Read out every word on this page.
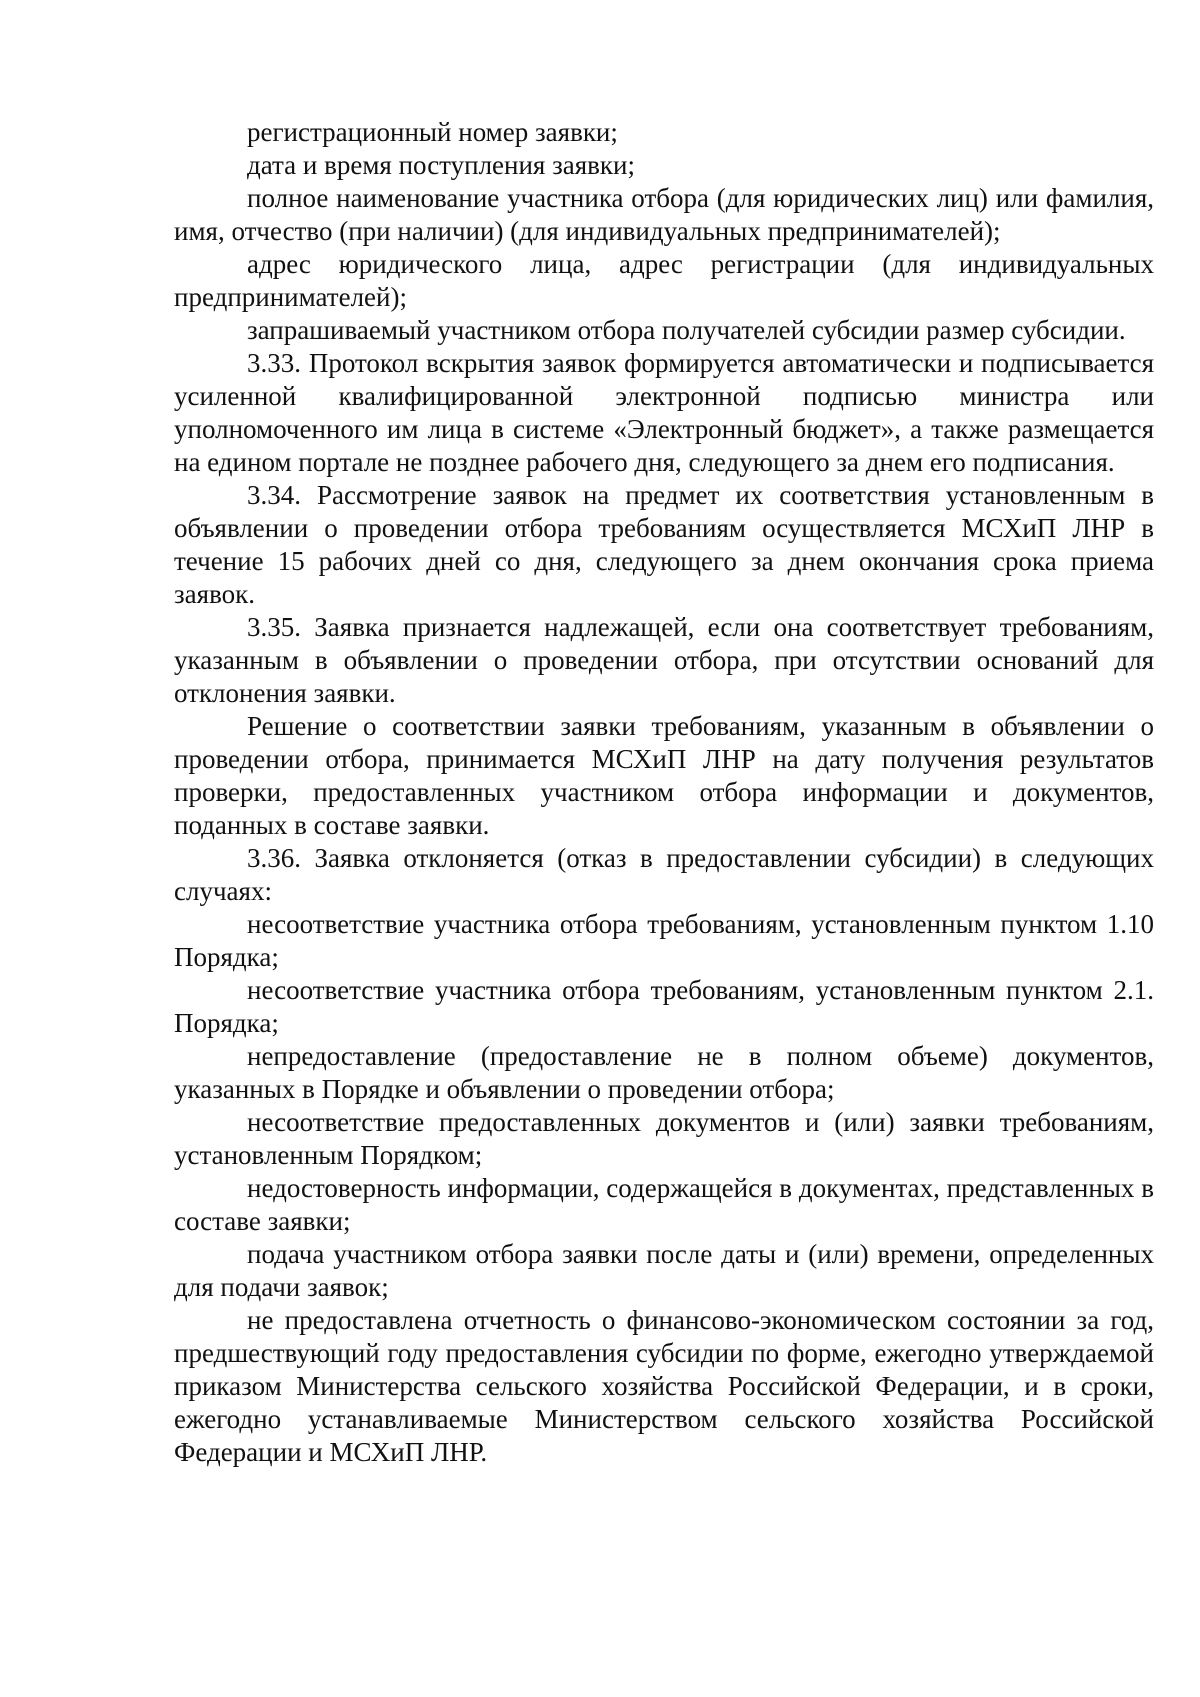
регистрационный номер заявки;

дата и время поступления заявки;

полное наименование участника отбора (для юридических лиц) или фамилия, имя, отчество (при наличии) (для индивидуальных предпринимателей);

адрес юридического лица, адрес регистрации (для индивидуальных предпринимателей);

запрашиваемый участником отбора получателей субсидии размер субсидии.

3.33. Протокол вскрытия заявок формируется автоматически и подписывается усиленной квалифицированной электронной подписью министра или уполномоченного им лица в системе «Электронный бюджет», а также размещается на едином портале не позднее рабочего дня, следующего за днем его подписания.

3.34. Рассмотрение заявок на предмет их соответствия установленным в объявлении о проведении отбора требованиям осуществляется МСХиП ЛНР в течение 15 рабочих дней со дня, следующего за днем окончания срока приема заявок.

3.35. Заявка признается надлежащей, если она соответствует требованиям, указанным в объявлении о проведении отбора, при отсутствии оснований для отклонения заявки.

Решение о соответствии заявки требованиям, указанным в объявлении о проведении отбора, принимается МСХиП ЛНР на дату получения результатов проверки, предоставленных участником отбора информации и документов, поданных в составе заявки.

3.36. Заявка отклоняется (отказ в предоставлении субсидии) в следующих случаях:

несоответствие участника отбора требованиям, установленным пунктом 1.10 Порядка;

несоответствие участника отбора требованиям, установленным пунктом 2.1. Порядка;

непредоставление (предоставление не в полном объеме) документов, указанных в Порядке и объявлении о проведении отбора;

несоответствие предоставленных документов и (или) заявки требованиям, установленным Порядком;

недостоверность информации, содержащейся в документах, представленных в составе заявки;

подача участником отбора заявки после даты и (или) времени, определенных для подачи заявок;

не предоставлена отчетность о финансово-экономическом состоянии за год, предшествующий году предоставления субсидии по форме, ежегодно утверждаемой приказом Министерства сельского хозяйства Российской Федерации, и в сроки, ежегодно устанавливаемые Министерством сельского хозяйства Российской Федерации и МСХиП ЛНР.
